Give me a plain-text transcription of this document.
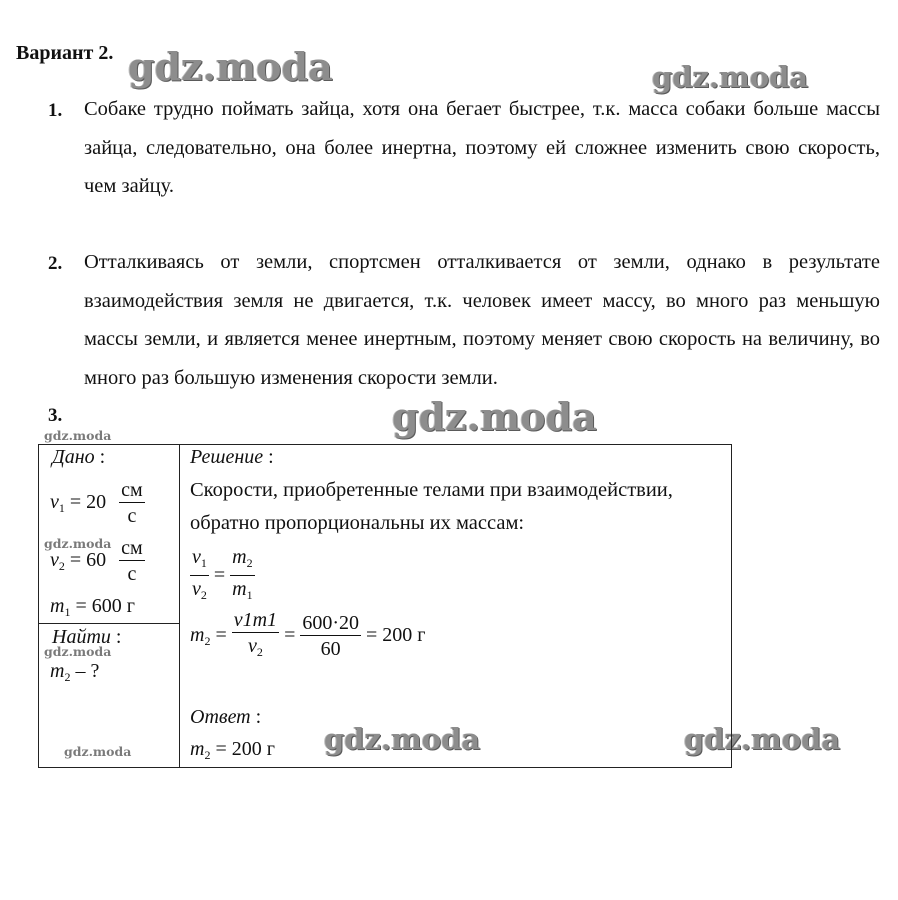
Вариант 2. gdz.moda	gdz.moda
gdz.moda
gdz.moda
gdz.moda
gdz.moda
gdz.moda	gdz.moda	gdz.moda
1. Собаке трудно поймать зайца, хотя она бегает быстрее, т.к. масса собаки больше массы зайца, следовательно, она более инертна, поэтому ей сложнее изменить свою скорость, чем зайцу.

2. Отталкиваясь от земли, спортсмен отталкивается от земли, однако в результате взаимодействия земля не двигается, т.к. человек имеет массу, во много раз меньшую массы земли, и является менее инертным, поэтому меняет свою скорость на величину, во много раз большую изменения скорости земли.

3.
Дано :
$v_1 = 20 \frac{см}{с}$
$v_2 = 60 \frac{см}{с}$
$m_1 = 600$ г
Найти :
$m_2$ – ?
Решение :
Скорости, приобретенные телами при взаимодействии,
обратно пропорциональны их массам:
$\frac{v_1}{v_2} = \frac{m_2}{m_1}$
$m_2 = \frac{v1m1}{v_2} = \frac{600\cdot 20}{60} = 200$ г
Ответ :
$m_2 = 200$ г
